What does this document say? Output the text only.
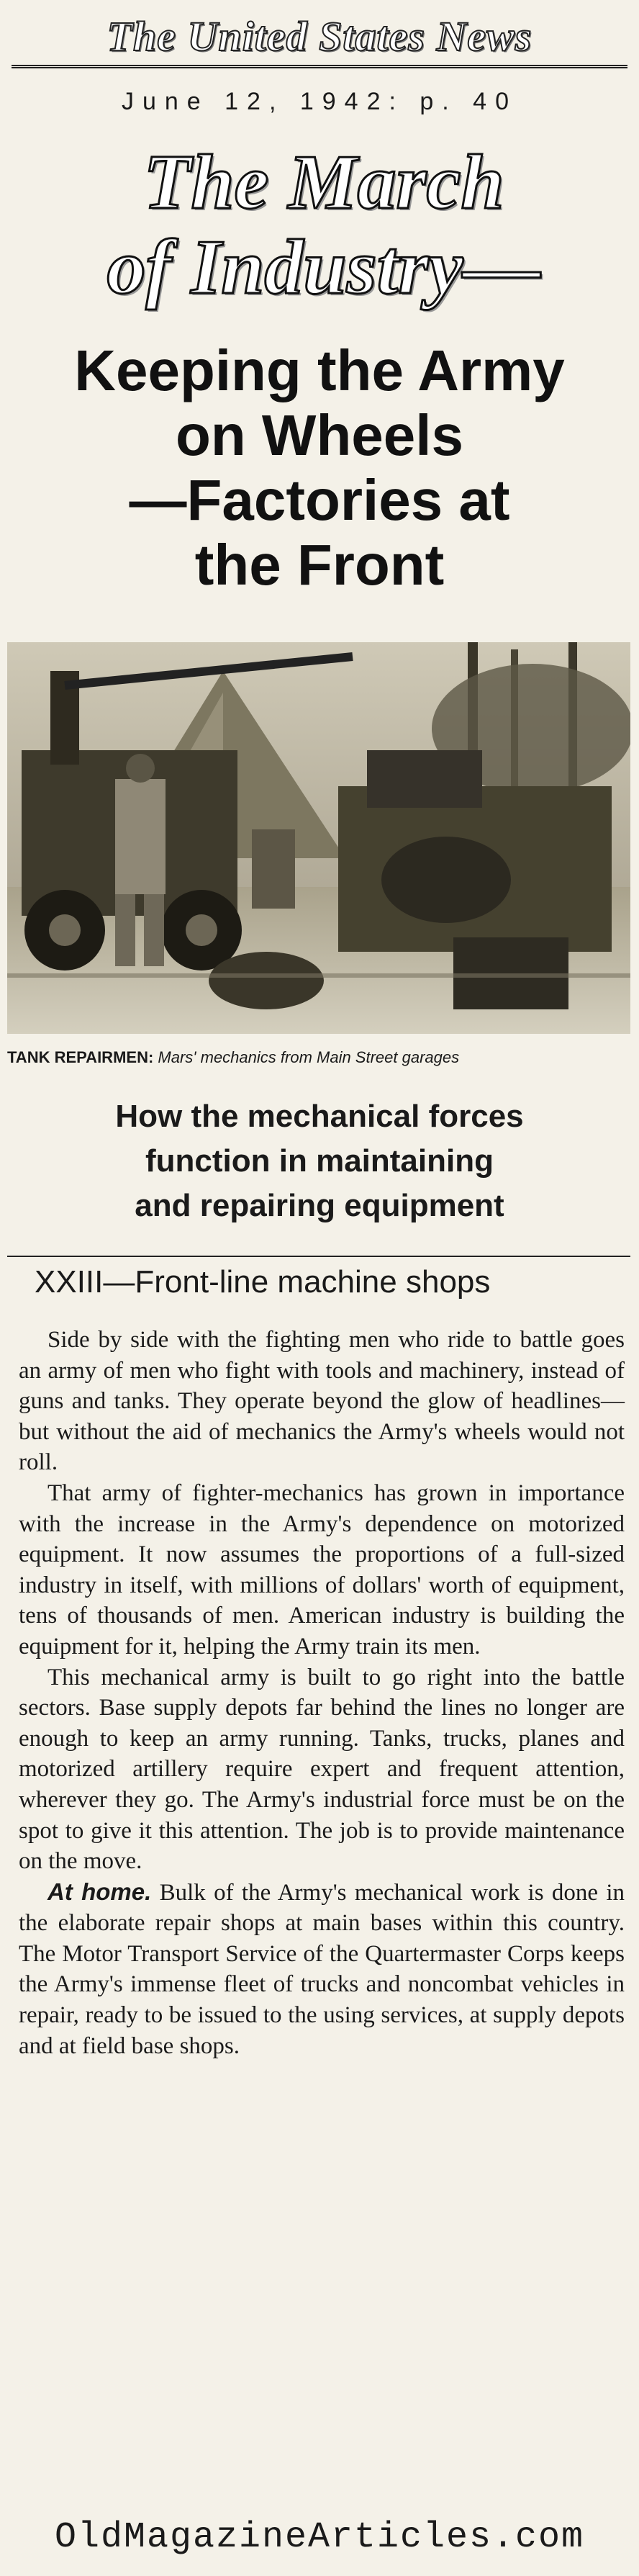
The United States News
June 12, 1942: p. 40
The March
of Industry—
Keeping the Army
on Wheels
—Factories at
the Front
TANK REPAIRMEN: Mars' mechanics from Main Street garages
How the mechanical forces
function in maintaining
and repairing equipment
XXIII—Front-line machine shops

Side by side with the fighting men who ride to battle goes an army of men who fight with tools and machinery, instead of guns and tanks. They operate beyond the glow of headlines—but without the aid of mechanics the Army's wheels would not roll.

That army of fighter-mechanics has grown in importance with the increase in the Army's dependence on motorized equipment. It now assumes the proportions of a full-sized industry in itself, with millions of dollars' worth of equipment, tens of thousands of men. American industry is building the equipment for it, helping the Army train its men.

This mechanical army is built to go right into the battle sectors. Base supply depots far behind the lines no longer are enough to keep an army running. Tanks, trucks, planes and motorized artillery require expert and frequent attention, wherever they go. The Army's industrial force must be on the spot to give it this attention. The job is to provide maintenance on the move.

At home. Bulk of the Army's mechanical work is done in the elaborate repair shops at main bases within this country. The Motor Transport Service of the Quartermaster Corps keeps the Army's immense fleet of trucks and noncombat vehicles in repair, ready to be issued to the using services, at supply depots and at field base shops.

OldMagazineArticles.com
